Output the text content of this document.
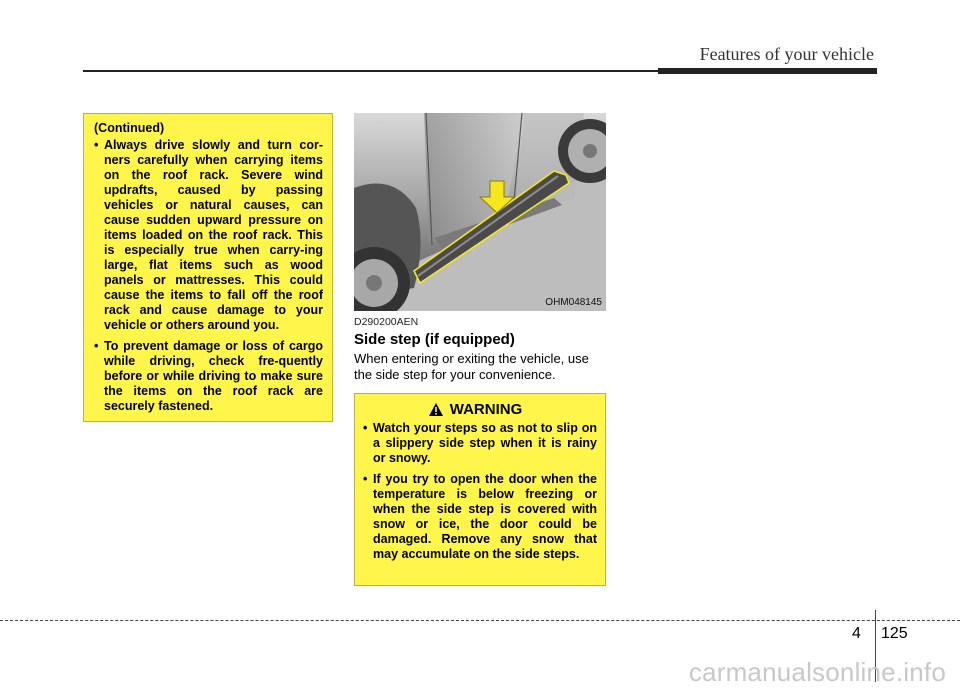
Features of your vehicle
(Continued)
• Always drive slowly and turn cor-ners carefully when carrying items on the roof rack. Severe wind updrafts, caused by passing vehicles or natural causes, can cause sudden upward pressure on items loaded on the roof rack. This is especially true when carry-ing large, flat items such as wood panels or mattresses. This could cause the items to fall off the roof rack and cause damage to your vehicle or others around you.
• To prevent damage or loss of cargo while driving, check fre-quently before or while driving to make sure the items on the roof rack are securely fastened.
OHM048145
D290200AEN
Side step (if equipped)
When entering or exiting the vehicle, use the side step for your convenience.
WARNING
• Watch your steps so as not to slip on a slippery side step when it is rainy or snowy.
• If you try to open the door when the temperature is below freezing or when the side step is covered with snow or ice, the door could be damaged. Remove any snow that may accumulate on the side steps.
4 125
carmanualsonline.info
